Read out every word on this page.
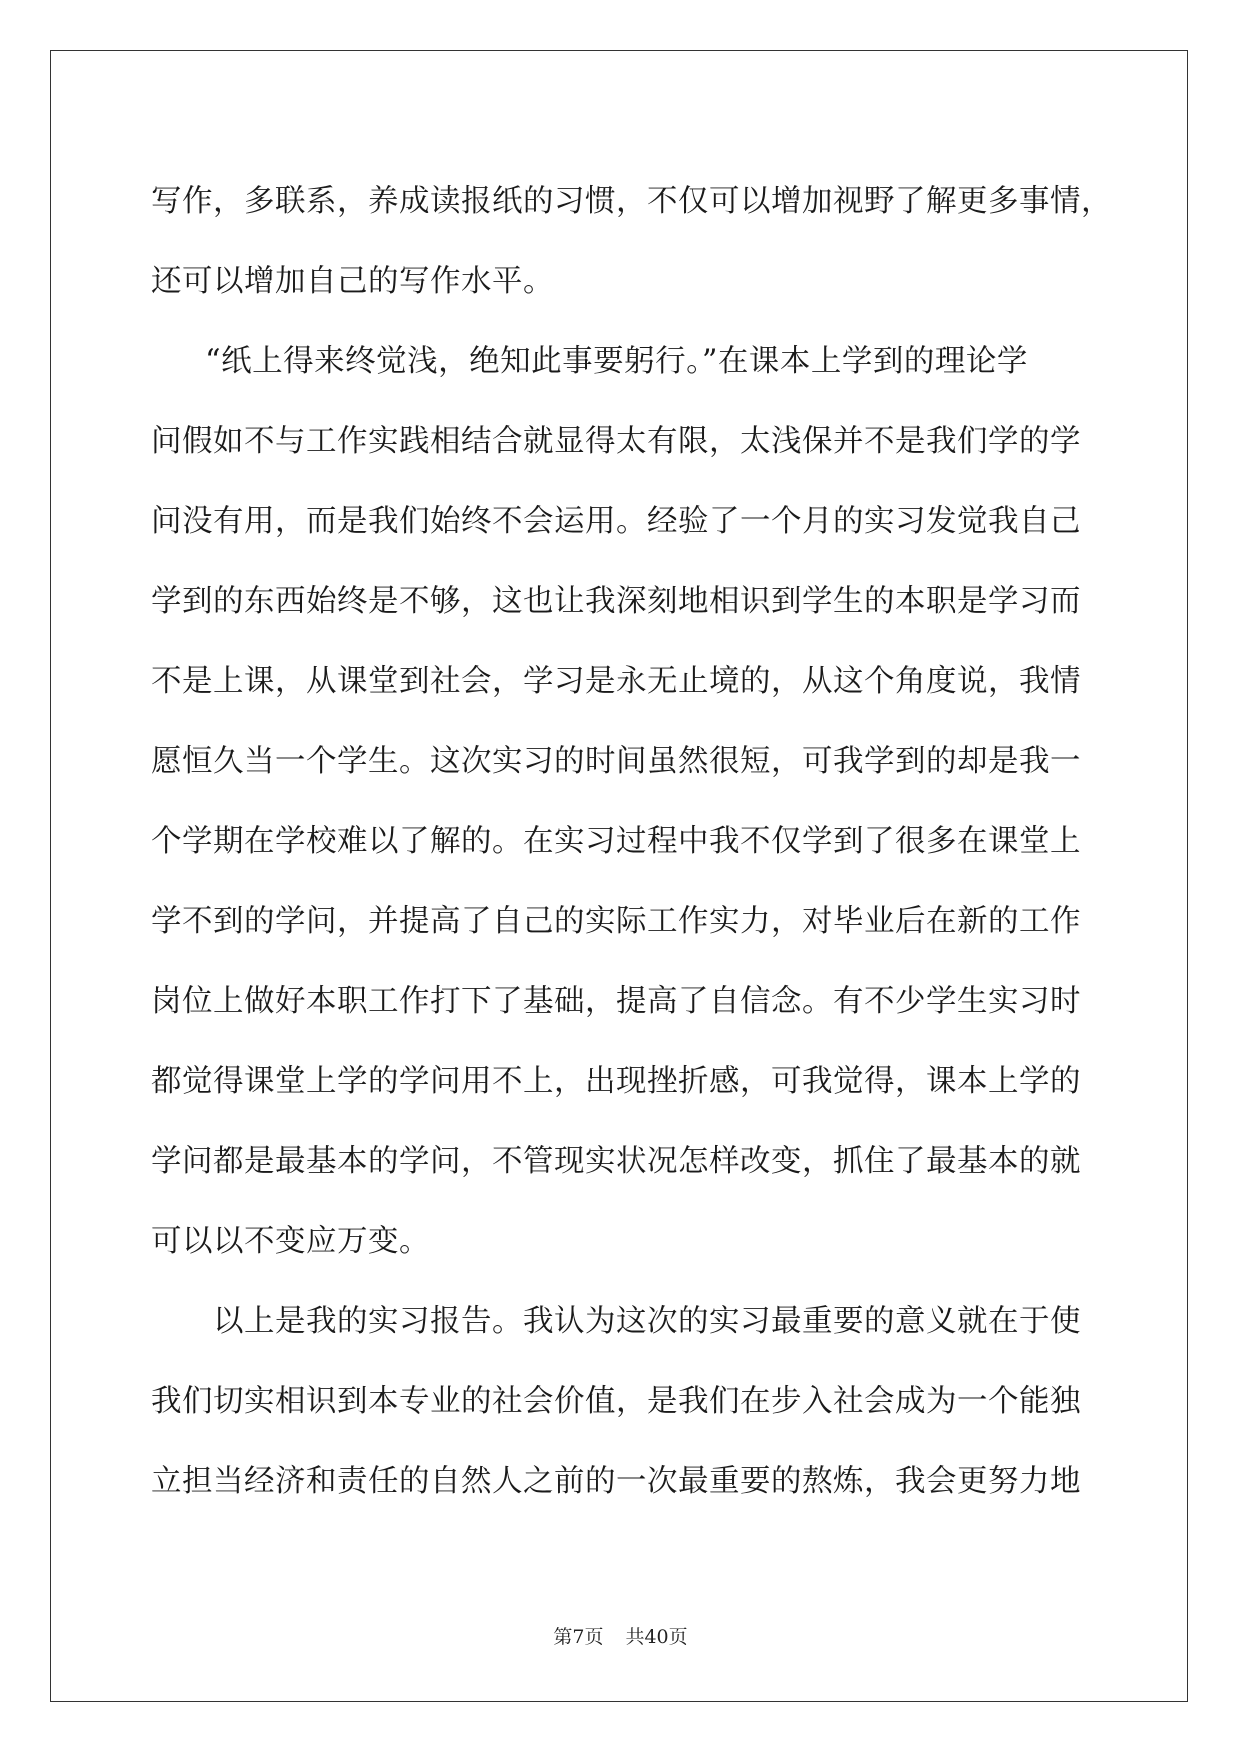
写作，多联系，养成读报纸的习惯，不仅可以增加视野了解更多事情，
还可以增加自己的写作水平。
“纸上得来终觉浅，绝知此事要躬行。”在课本上学到的理论学
问假如不与工作实践相结合就显得太有限，太浅保并不是我们学的学
问没有用，而是我们始终不会运用。经验了一个月的实习发觉我自己
学到的东西始终是不够，这也让我深刻地相识到学生的本职是学习而
不是上课，从课堂到社会，学习是永无止境的，从这个角度说，我情
愿恒久当一个学生。这次实习的时间虽然很短，可我学到的却是我一
个学期在学校难以了解的。在实习过程中我不仅学到了很多在课堂上
学不到的学问，并提高了自己的实际工作实力，对毕业后在新的工作
岗位上做好本职工作打下了基础，提高了自信念。有不少学生实习时
都觉得课堂上学的学问用不上，出现挫折感，可我觉得，课本上学的
学问都是最基本的学问，不管现实状况怎样改变，抓住了最基本的就
可以以不变应万变。
以上是我的实习报告。我认为这次的实习最重要的意义就在于使
我们切实相识到本专业的社会价值，是我们在步入社会成为一个能独
立担当经济和责任的自然人之前的一次最重要的熬炼，我会更努力地
第7页 共40页
